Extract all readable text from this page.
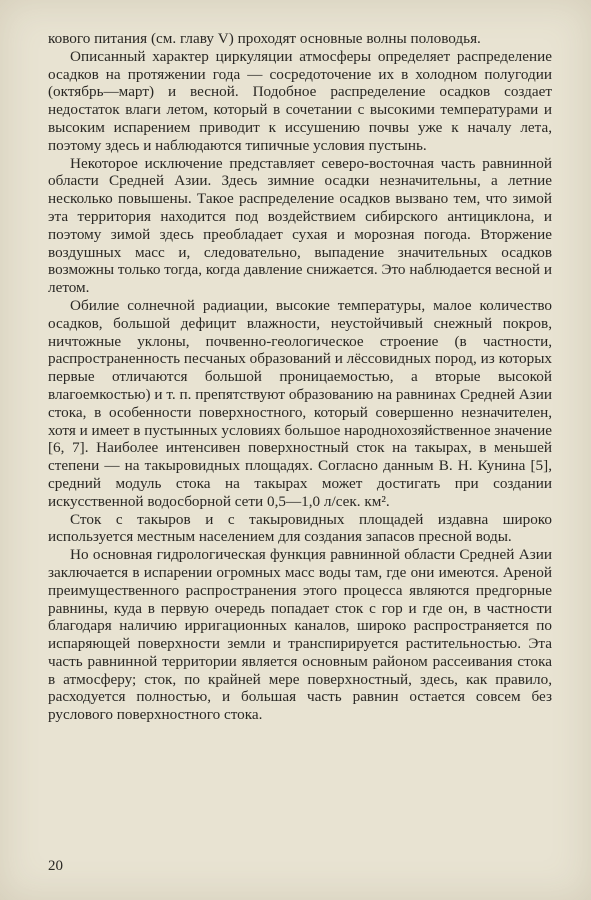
кового питания (см. главу V) проходят основные волны половодья.

Описанный характер циркуляции атмосферы определяет распределение осадков на протяжении года — сосредоточение их в холодном полугодии (октябрь—март) и весной. Подобное распределение осадков создает недостаток влаги летом, который в сочетании с высокими температурами и высоким испарением приводит к иссушению почвы уже к началу лета, поэтому здесь и наблюдаются типичные условия пустынь.

Некоторое исключение представляет северо-восточная часть равнинной области Средней Азии. Здесь зимние осадки незначительны, а летние несколько повышены. Такое распределение осадков вызвано тем, что зимой эта территория находится под воздействием сибирского антициклона, и поэтому зимой здесь преобладает сухая и морозная погода. Вторжение воздушных масс и, следовательно, выпадение значительных осадков возможны только тогда, когда давление снижается. Это наблюдается весной и летом.

Обилие солнечной радиации, высокие температуры, малое количество осадков, большой дефицит влажности, неустойчивый снежный покров, ничтожные уклоны, почвенно-геологическое строение (в частности, распространенность песчаных образований и лёссовидных пород, из которых первые отличаются большой проницаемостью, а вторые высокой влагоемкостью) и т. п. препятствуют образованию на равнинах Средней Азии стока, в особенности поверхностного, который совершенно незначителен, хотя и имеет в пустынных условиях большое народнохозяйственное значение [6, 7]. Наиболее интенсивен поверхностный сток на такырах, в меньшей степени — на такыровидных площадях. Согласно данным В. Н. Кунина [5], средний модуль стока на такырах может достигать при создании искусственной водосборной сети 0,5—1,0 л/сек. км².

Сток с такыров и с такыровидных площадей издавна широко используется местным населением для создания запасов пресной воды.

Но основная гидрологическая функция равнинной области Средней Азии заключается в испарении огромных масс воды там, где они имеются. Ареной преимущественного распространения этого процесса являются предгорные равнины, куда в первую очередь попадает сток с гор и где он, в частности благодаря наличию ирригационных каналов, широко распространяется по испаряющей поверхности земли и транспирируется растительностью. Эта часть равнинной территории является основным районом рассеивания стока в атмосферу; сток, по крайней мере поверхностный, здесь, как правило, расходуется полностью, и большая часть равнин остается совсем без руслового поверхностного стока.

20
